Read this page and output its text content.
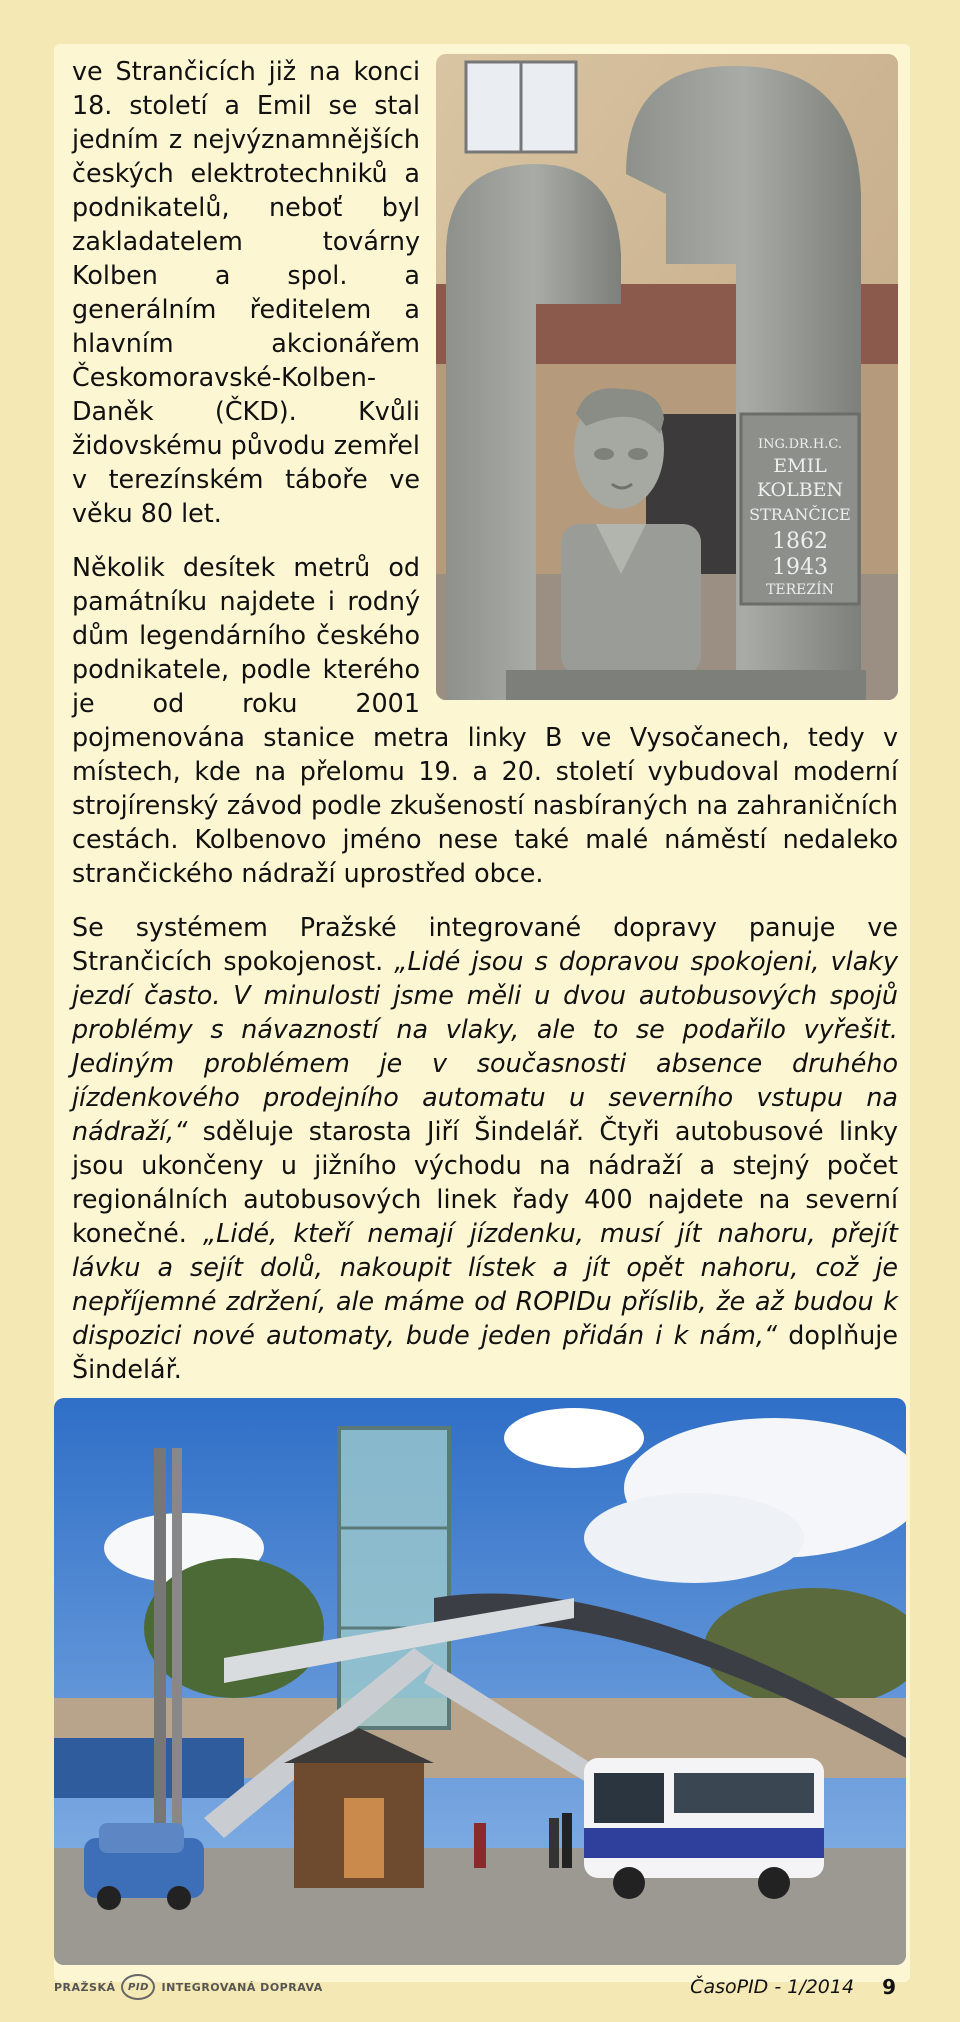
ING.DR.H.C.
EMIL
KOLBEN
STRANČICE
1862
1943
TEREZÍN

ve Strančicích již na konci 18. století a Emil se stal jedním z nejvýznamnějších českých elektrotechniků a podnikatelů, neboť byl zakladatelem továrny Kolben a spol. a generálním ředitelem a hlavním akcionářem Českomoravské-Kolben-Daněk (ČKD). Kvůli židovskému původu zemřel v terezínském táboře ve věku 80 let.

Několik desítek metrů od památníku najdete i rodný dům legendárního českého podnikatele, podle kterého je od roku 2001 pojmenována stanice metra linky B ve Vysočanech, tedy v místech, kde na přelomu 19. a 20. století vybudoval moderní strojírenský závod podle zkušeností nasbíraných na zahraničních cestách. Kolbenovo jméno nese také malé náměstí nedaleko strančického nádraží uprostřed obce.

Se systémem Pražské integrované dopravy panuje ve Strančicích spokojenost. „Lidé jsou s dopravou spokojeni, vlaky jezdí často. V minulosti jsme měli u dvou autobusových spojů problémy s návazností na vlaky, ale to se podařilo vyřešit. Jediným problémem je v současnosti absence druhého jízdenkového prodejního automatu u severního vstupu na nádraží,“ sděluje starosta Jiří Šindelář. Čtyři autobusové linky jsou ukončeny u jižního východu na nádraží a stejný počet regionálních autobusových linek řady 400 najdete na severní konečné. „Lidé, kteří nemají jízdenku, musí jít nahoru, přejít lávku a sejít dolů, nakoupit lístek a jít opět nahoru, což je nepříjemné zdržení, ale máme od ROPIDu příslib, že až budou k dispozici nové automaty, bude jeden přidán i k nám,“ doplňuje Šindelář.

PRAŽSKÁ PID INTEGROVANÁ DOPRAVA	ČasoPID - 1/2014 9
